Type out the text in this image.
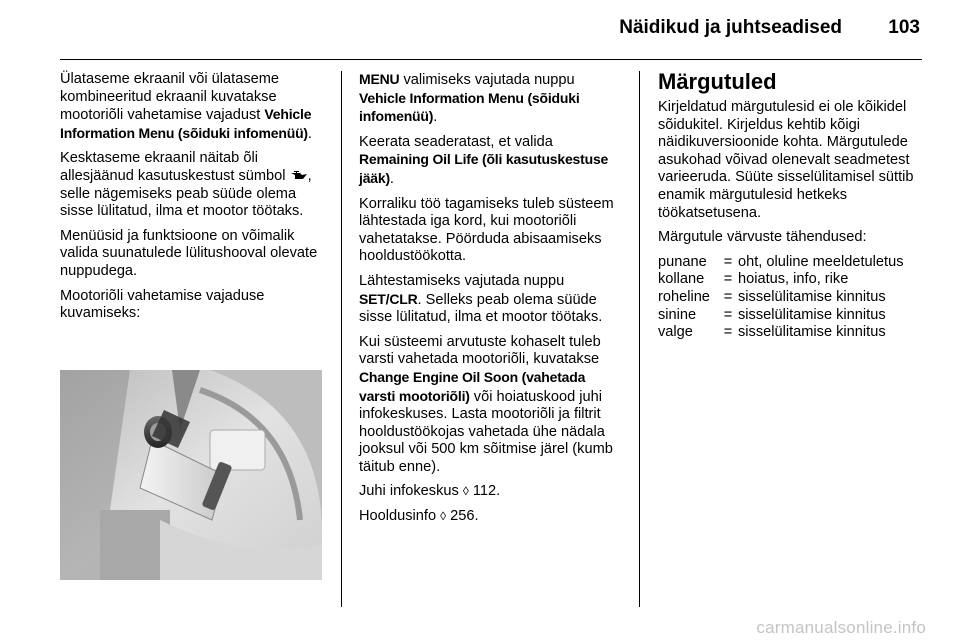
Näidikud ja juhtseadised 103

Ülataseme ekraanil või ülataseme kombineeritud ekraanil kuvatakse mootoriõli vahetamise vajadust Vehicle Information Menu (sõiduki infomenüü).

Kesktaseme ekraanil näitab õli allesjäänud kasutuskestust sümbol , selle nägemiseks peab süüde olema sisse lülitatud, ilma et mootor töötaks.

Menüüsid ja funktsioone on võimalik valida suunatulede lülitushooval olevate nuppudega.

Mootoriõli vahetamise vajaduse kuvamiseks:

MENU valimiseks vajutada nuppu Vehicle Information Menu (sõiduki infomenüü).

Keerata seaderatast, et valida Remaining Oil Life (õli kasutuskestuse jääk).

Korraliku töö tagamiseks tuleb süsteem lähtestada iga kord, kui mootoriõli vahetatakse. Pöörduda abisaamiseks hooldustöökotta.

Lähtestamiseks vajutada nuppu SET/CLR. Selleks peab olema süüde sisse lülitatud, ilma et mootor töötaks.

Kui süsteemi arvutuste kohaselt tuleb varsti vahetada mootoriõli, kuvatakse Change Engine Oil Soon (vahetada varsti mootoriõli) või hoiatuskood juhi infokeskuses. Lasta mootoriõli ja filtrit hooldustöökojas vahetada ühe nädala jooksul või 500 km sõitmise järel (kumb täitub enne).

Juhi infokeskus ◊ 112.

Hooldusinfo ◊ 256.

Märgutuled

Kirjeldatud märgutulesid ei ole kõikidel sõidukitel. Kirjeldus kehtib kõigi näidikuversioonide kohta. Märgutulede asukohad võivad olenevalt seadmetest varieeruda. Süüte sisselülitamisel süttib enamik märgutulesid hetkeks töökatsetusena.

Märgutule värvuste tähendused:

punane	=	oht, oluline meeldetuletus
kollane	=	hoiatus, info, rike
roheline	=	sisselülitamise kinnitus
sinine	=	sisselülitamise kinnitus
valge	=	sisselülitamise kinnitus
carmanualsonline.info
